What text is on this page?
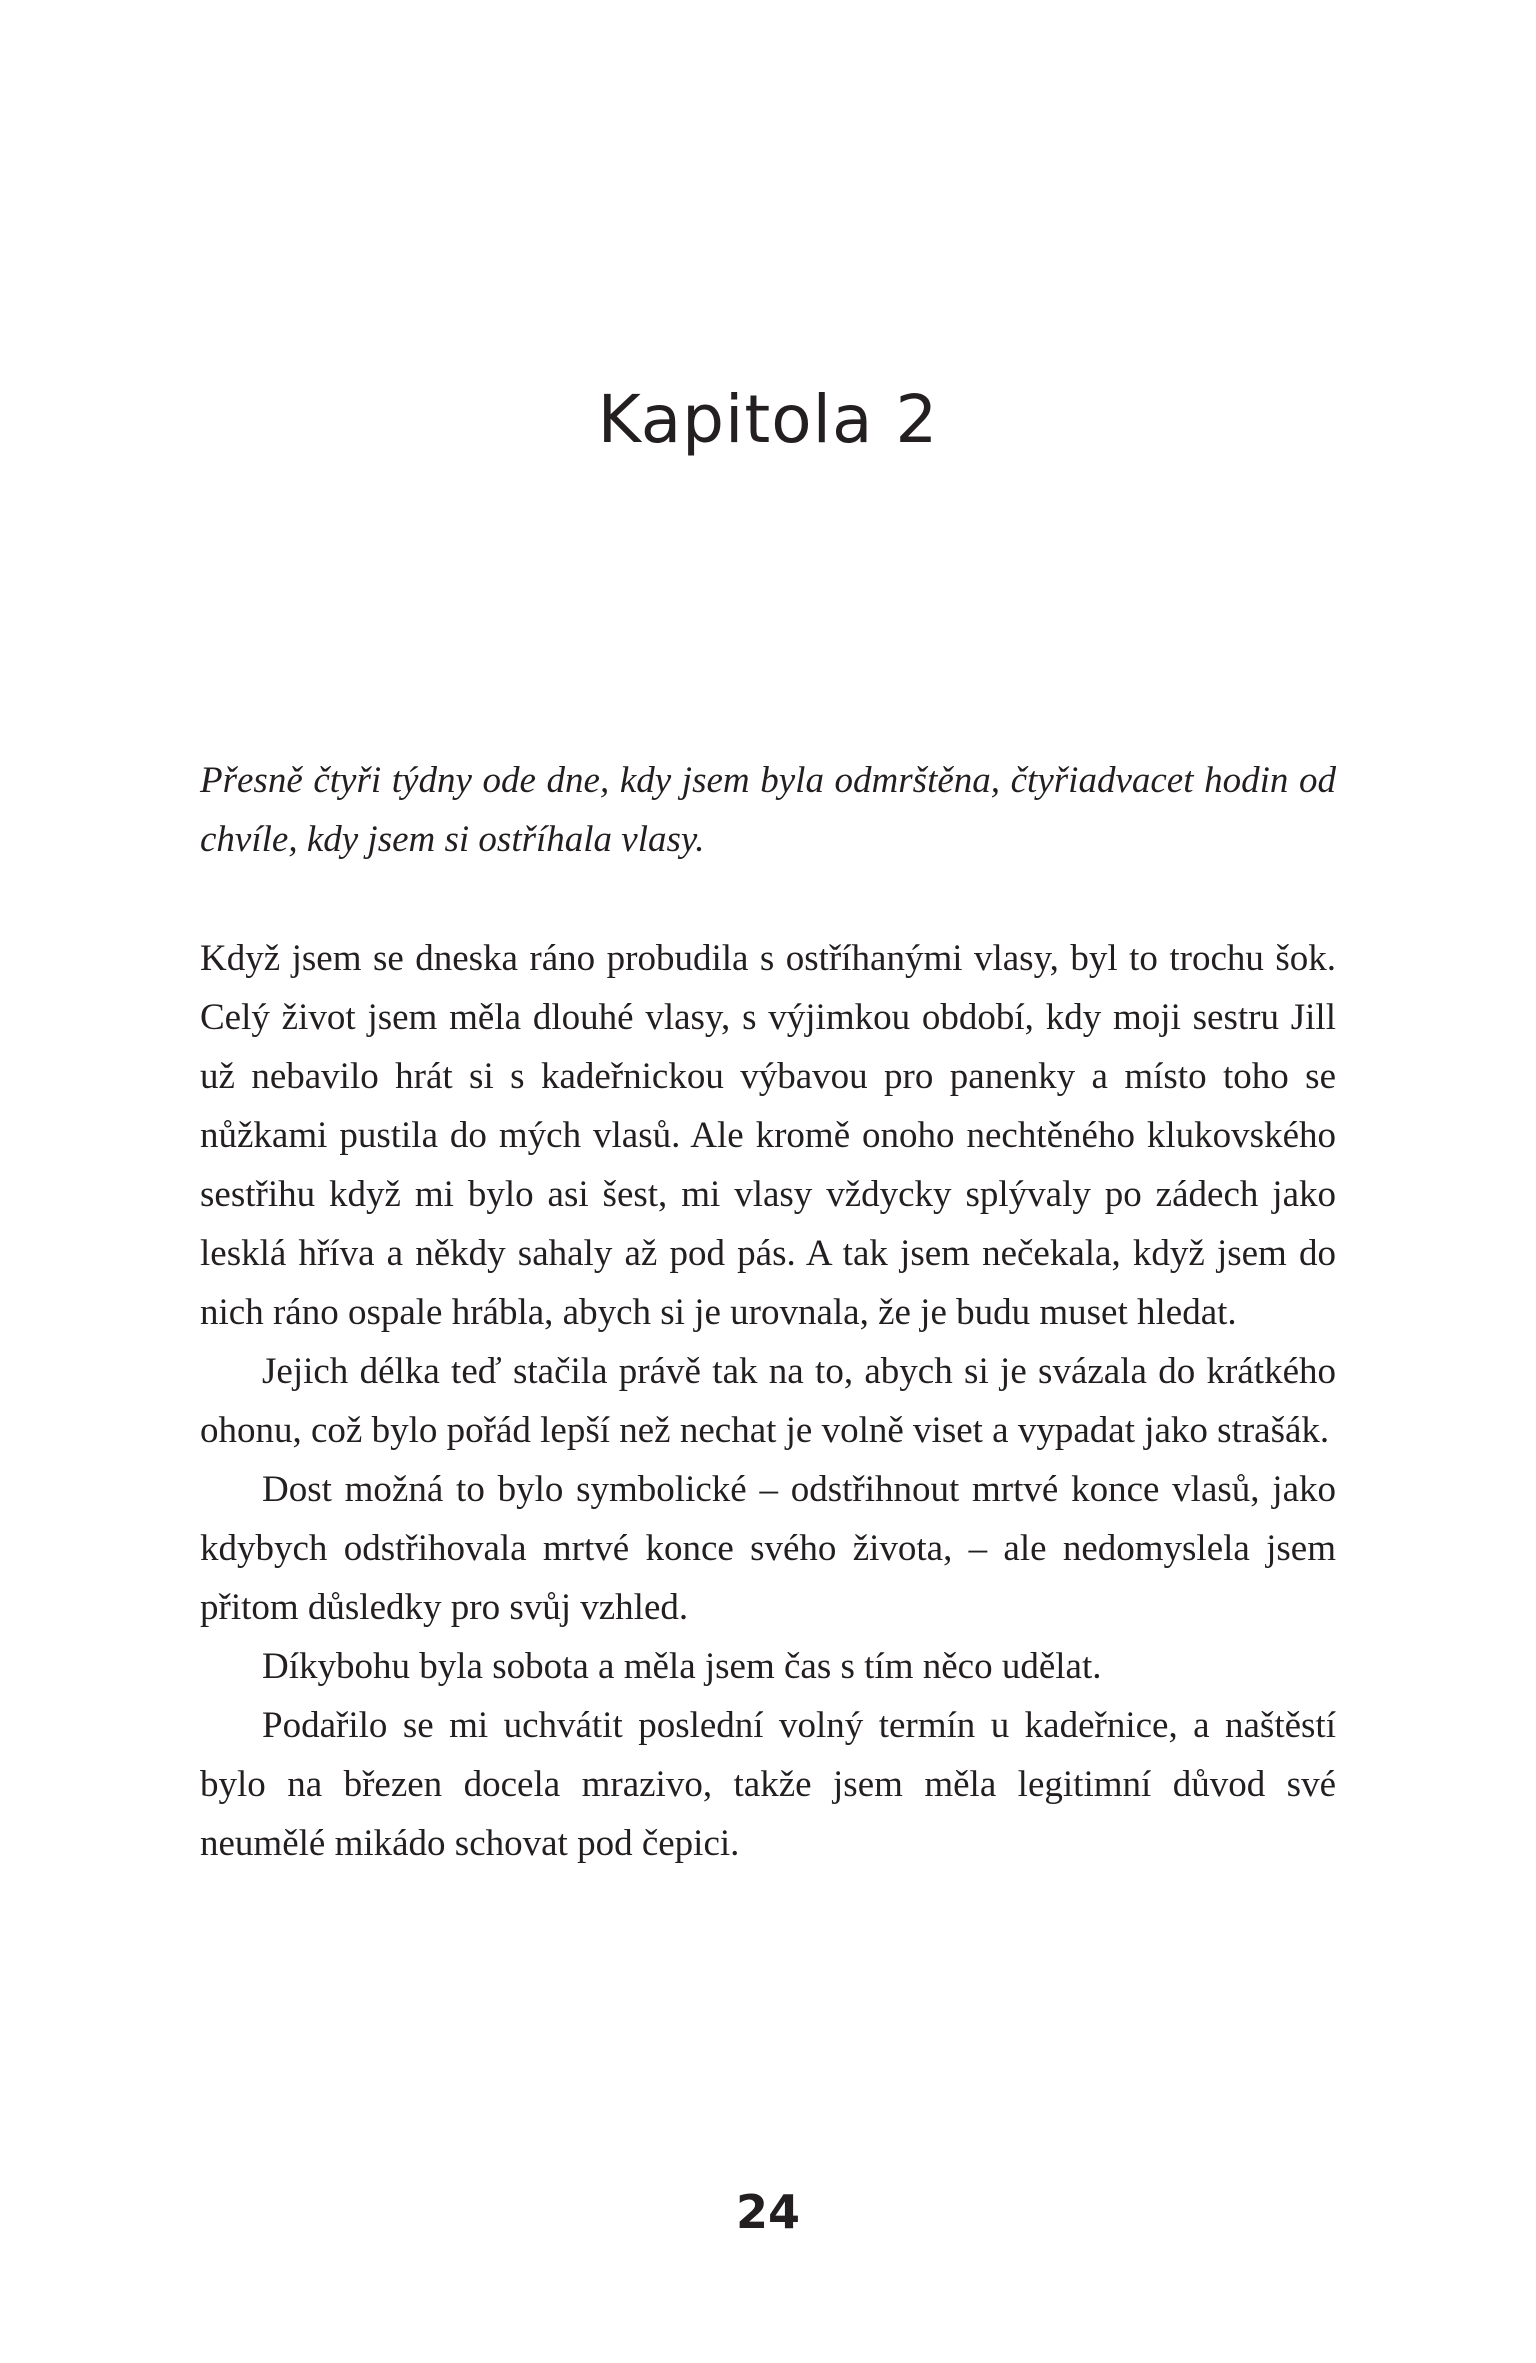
Kapitola 2

Přesně čtyři týdny ode dne, kdy jsem byla odmrštěna, čtyřiadvacet hodin od chvíle, kdy jsem si ostříhala vlasy.

Když jsem se dneska ráno probudila s ostříhanými vlasy, byl to trochu šok. Celý život jsem měla dlouhé vlasy, s výjimkou období, kdy moji sestru Jill už nebavilo hrát si s kadeřnickou výbavou pro panenky a místo toho se nůžkami pustila do mých vlasů. Ale kromě onoho nechtěného klukovského sestřihu když mi bylo asi šest, mi vlasy vždycky splývaly po zádech jako lesklá hříva a někdy sahaly až pod pás. A tak jsem nečekala, když jsem do nich ráno ospale hrábla, abych si je urovnala, že je budu muset hledat.

Jejich délka teď stačila právě tak na to, abych si je svázala do krátkého ohonu, což bylo pořád lepší než nechat je volně viset a vypadat jako strašák.

Dost možná to bylo symbolické – odstřihnout mrtvé konce vlasů, jako kdybych odstřihovala mrtvé konce svého života, – ale nedomyslela jsem přitom důsledky pro svůj vzhled.

Díkybohu byla sobota a měla jsem čas s tím něco udělat.

Podařilo se mi uchvátit poslední volný termín u kadeřnice, a naštěstí bylo na březen docela mrazivo, takže jsem měla legitimní důvod své neumělé mikádo schovat pod čepici.

24
